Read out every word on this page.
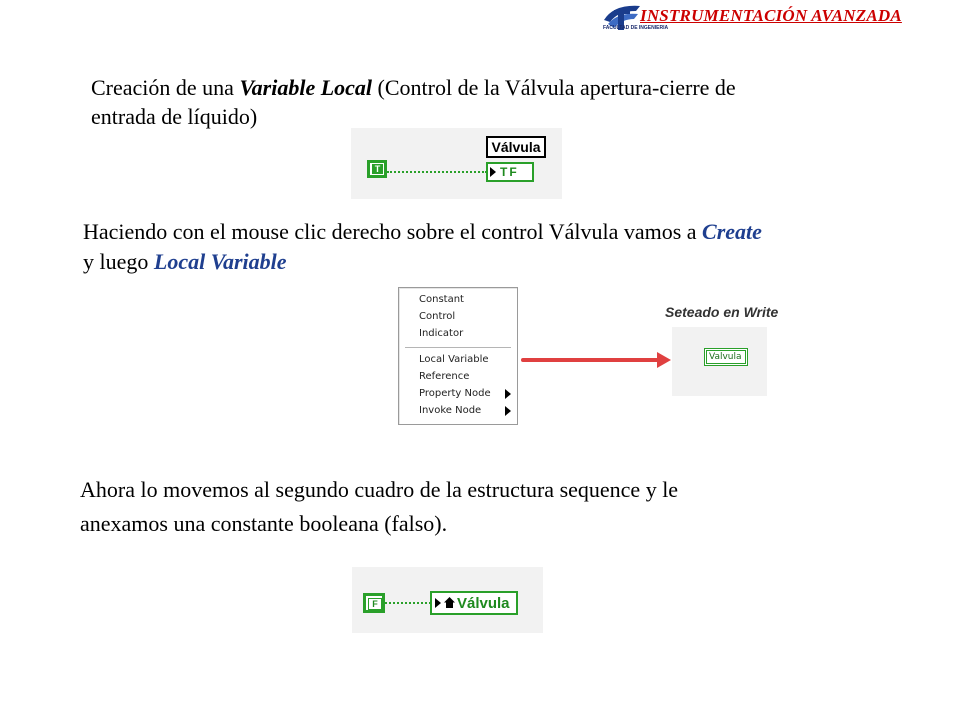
FACULTAD DE INGENIERIA
INSTRUMENTACIÓN AVANZADA
Creación de una Variable Local (Control de la Válvula apertura-cierre de
entrada de líquido)
T
Válvula
TF
Haciendo con el mouse clic derecho sobre el control Válvula vamos a Create
y luego Local Variable
Constant
Control
Indicator
Local Variable
Reference
Property Node
Invoke Node
Seteado en Write
Valvula
Ahora lo movemos al segundo cuadro de la estructura sequence y le
anexamos una constante booleana (falso).
F	Válvula
